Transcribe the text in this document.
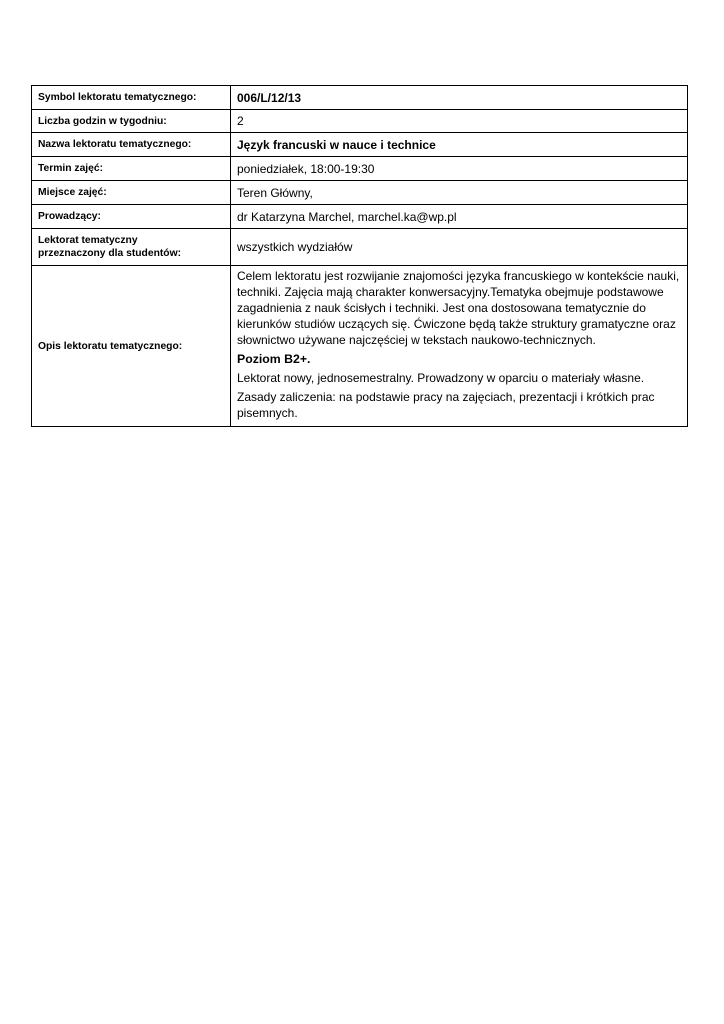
Symbol lektoratu tematycznego:	006/L/12/13
Liczba godzin w tygodniu:	2
Nazwa lektoratu tematycznego:	Język francuski w nauce i technice
Termin zajęć:	poniedziałek, 18:00-19:30
Miejsce zajęć:	Teren Główny,
Prowadzący:	dr Katarzyna Marchel, marchel.ka@wp.pl

Lektorat tematyczny
przeznaczony dla studentów:	wszystkich wydziałów
Opis lektoratu tematycznego:	Celem lektoratu jest rozwijanie znajomości języka francuskiego w kontekście nauki, techniki. Zajęcia mają charakter konwersacyjny.Tematyka obejmuje podstawowe zagadnienia z nauk ścisłych i techniki. Jest ona dostosowana tematycznie do kierunków studiów uczących się. Ćwiczone będą także struktury gramatyczne oraz słownictwo używane najczęściej w tekstach naukowo-technicznych.

Poziom B2+.

Lektorat nowy, jednosemestralny. Prowadzony w oparciu o materiały własne.

Zasady zaliczenia: na podstawie pracy na zajęciach, prezentacji i krótkich prac pisemnych.
